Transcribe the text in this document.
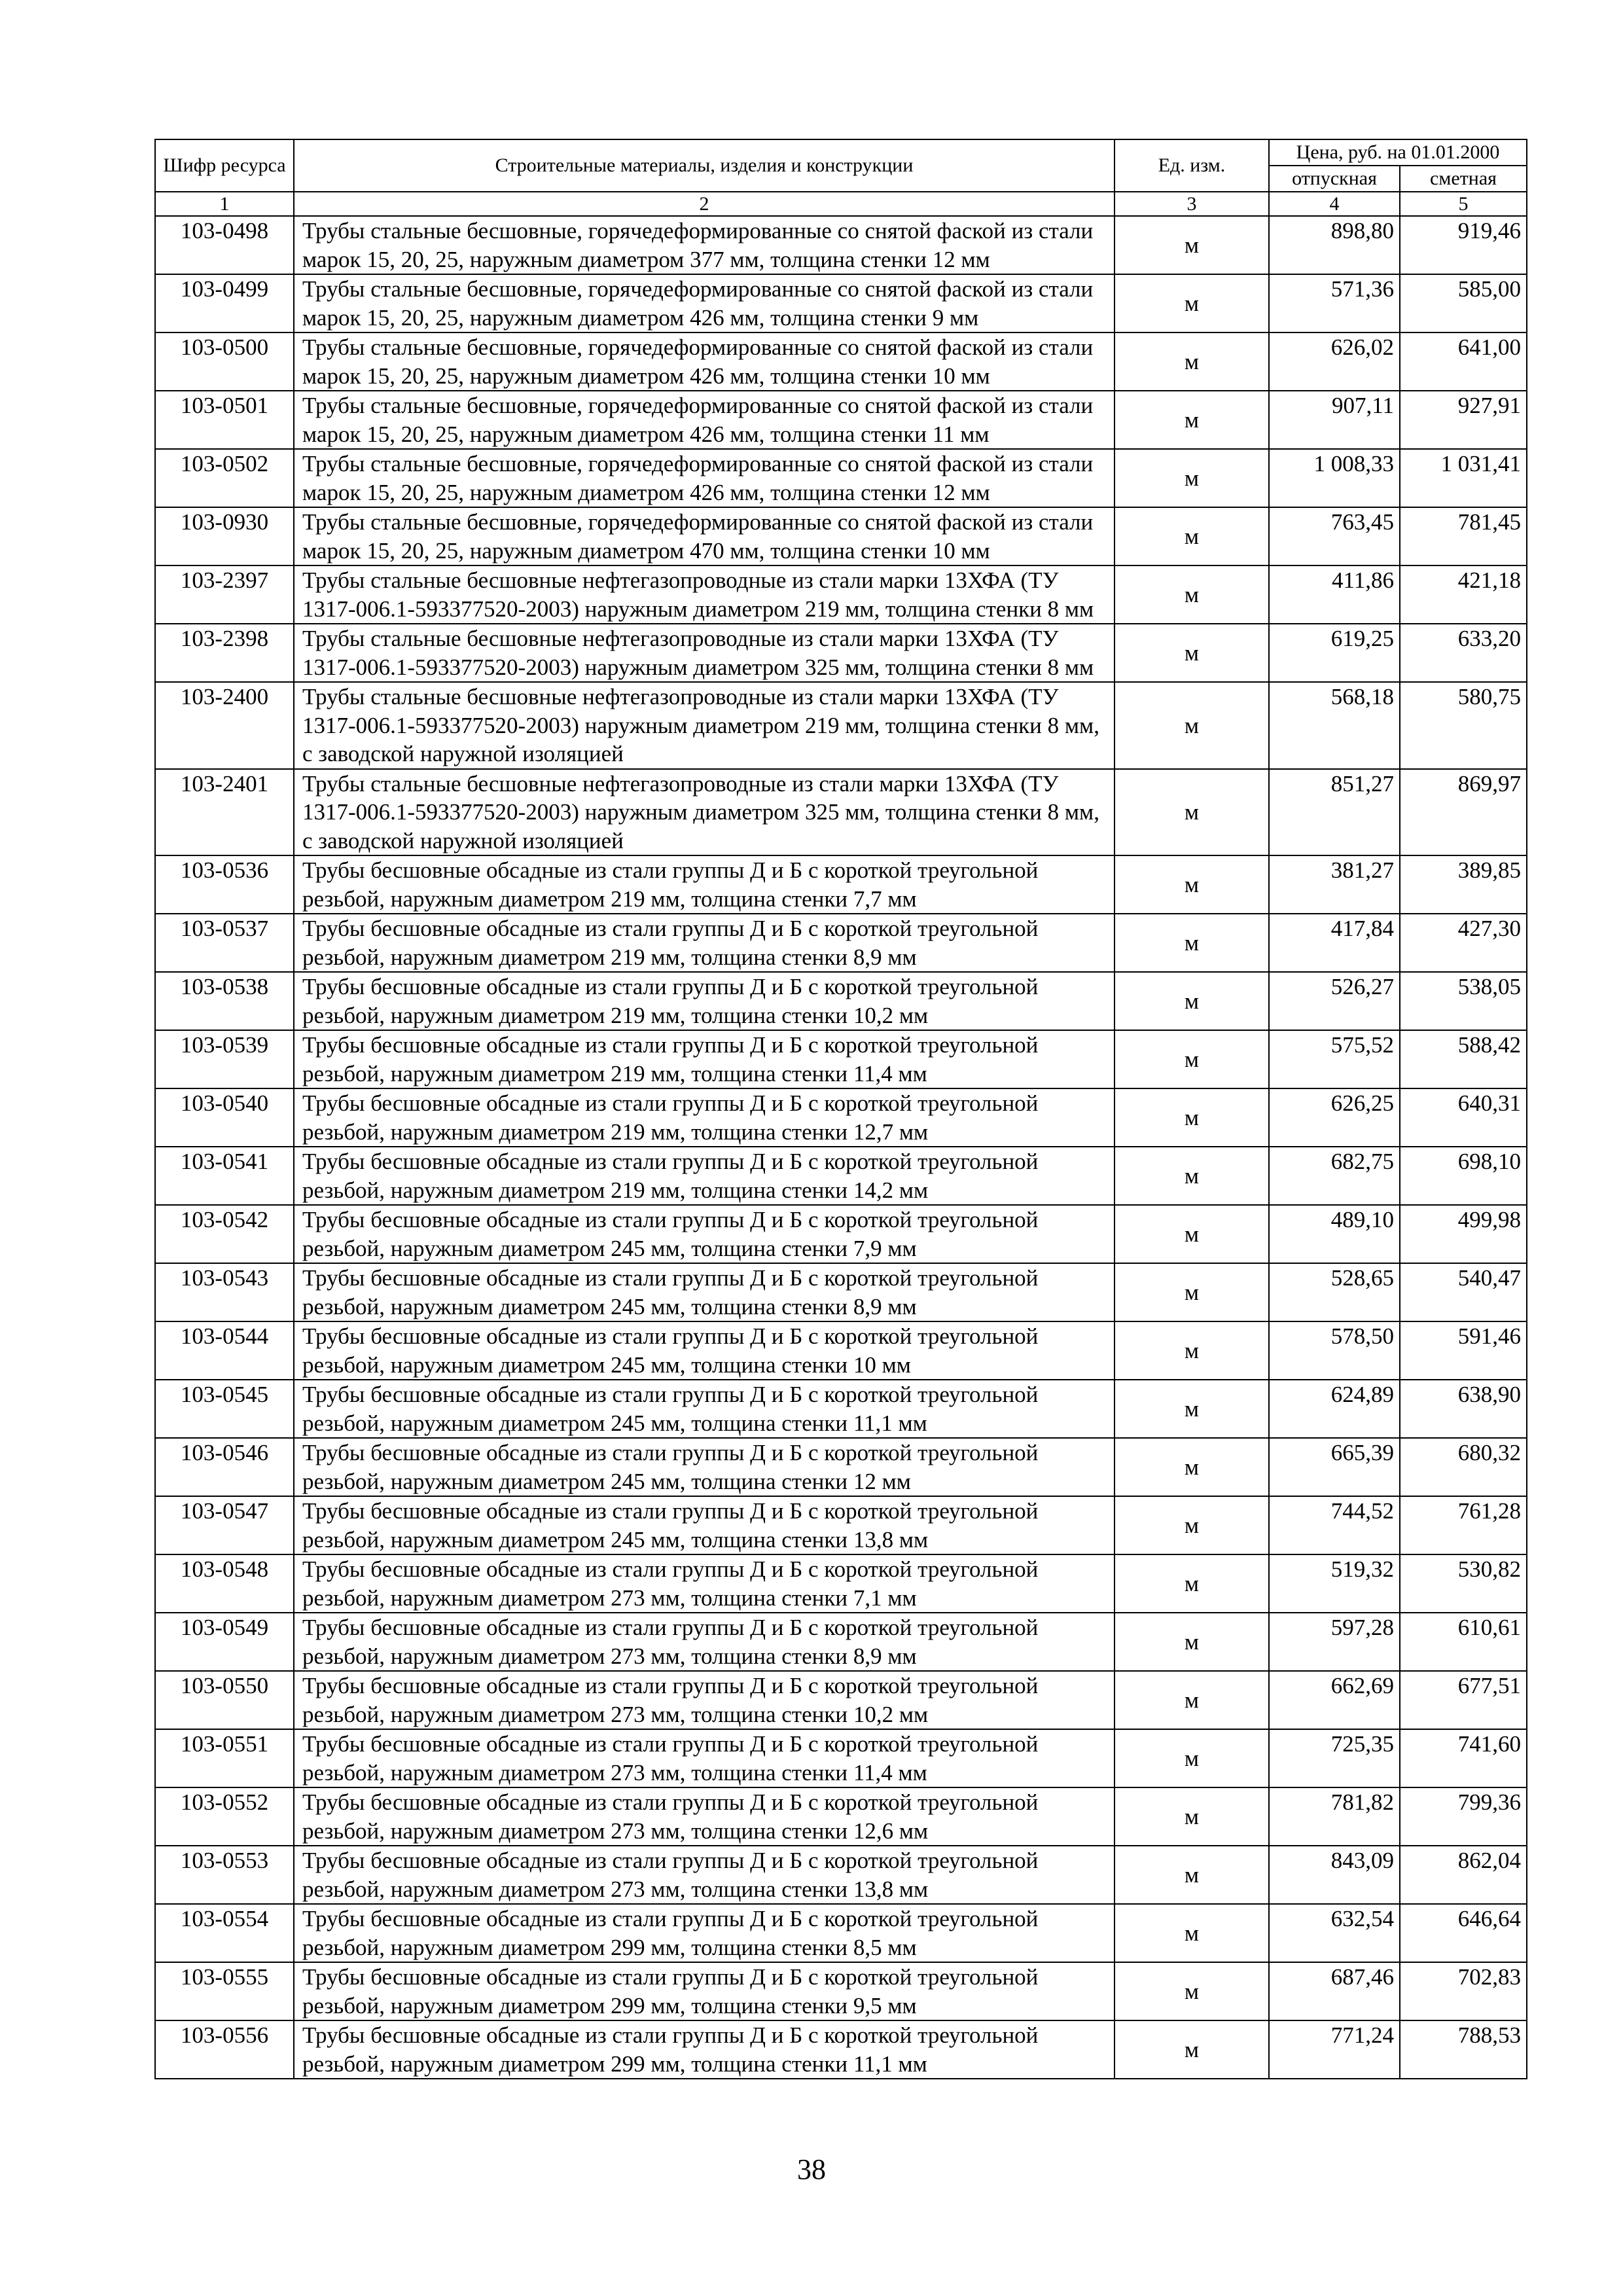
Шифр ресурса	Строительные материалы, изделия и конструкции	Ед. изм.	Цена, руб. на 01.01.2000	
			отпускная	сметная
1	2	3	4	5
103-0498	Трубы стальные бесшовные, горячедеформированные со снятой фаской из стали марок 15, 20, 25, наружным диаметром 377 мм, толщина стенки 12 мм	м	898,80	919,46
103-0499	Трубы стальные бесшовные, горячедеформированные со снятой фаской из стали марок 15, 20, 25, наружным диаметром 426 мм, толщина стенки 9 мм	м	571,36	585,00
103-0500	Трубы стальные бесшовные, горячедеформированные со снятой фаской из стали марок 15, 20, 25, наружным диаметром 426 мм, толщина стенки 10 мм	м	626,02	641,00
103-0501	Трубы стальные бесшовные, горячедеформированные со снятой фаской из стали марок 15, 20, 25, наружным диаметром 426 мм, толщина стенки 11 мм	м	907,11	927,91
103-0502	Трубы стальные бесшовные, горячедеформированные со снятой фаской из стали марок 15, 20, 25, наружным диаметром 426 мм, толщина стенки 12 мм	м	1 008,33	1 031,41
103-0930	Трубы стальные бесшовные, горячедеформированные со снятой фаской из стали марок 15, 20, 25, наружным диаметром 470 мм, толщина стенки 10 мм	м	763,45	781,45
103-2397	Трубы стальные бесшовные нефтегазопроводные из стали марки 13ХФА (ТУ 1317-006.1-593377520-2003) наружным диаметром 219 мм, толщина стенки 8 мм	м	411,86	421,18
103-2398	Трубы стальные бесшовные нефтегазопроводные из стали марки 13ХФА (ТУ 1317-006.1-593377520-2003) наружным диаметром 325 мм, толщина стенки 8 мм	м	619,25	633,20
103-2400	Трубы стальные бесшовные нефтегазопроводные из стали марки 13ХФА (ТУ 1317-006.1-593377520-2003) наружным диаметром 219 мм, толщина стенки 8 мм, с заводской наружной изоляцией	м	568,18	580,75
103-2401	Трубы стальные бесшовные нефтегазопроводные из стали марки 13ХФА (ТУ 1317-006.1-593377520-2003) наружным диаметром 325 мм, толщина стенки 8 мм, с заводской наружной изоляцией	м	851,27	869,97
103-0536	Трубы бесшовные обсадные из стали группы Д и Б с короткой треугольной резьбой, наружным диаметром 219 мм, толщина стенки 7,7 мм	м	381,27	389,85
103-0537	Трубы бесшовные обсадные из стали группы Д и Б с короткой треугольной резьбой, наружным диаметром 219 мм, толщина стенки 8,9 мм	м	417,84	427,30
103-0538	Трубы бесшовные обсадные из стали группы Д и Б с короткой треугольной резьбой, наружным диаметром 219 мм, толщина стенки 10,2 мм	м	526,27	538,05
103-0539	Трубы бесшовные обсадные из стали группы Д и Б с короткой треугольной резьбой, наружным диаметром 219 мм, толщина стенки 11,4 мм	м	575,52	588,42
103-0540	Трубы бесшовные обсадные из стали группы Д и Б с короткой треугольной резьбой, наружным диаметром 219 мм, толщина стенки 12,7 мм	м	626,25	640,31
103-0541	Трубы бесшовные обсадные из стали группы Д и Б с короткой треугольной резьбой, наружным диаметром 219 мм, толщина стенки 14,2 мм	м	682,75	698,10
103-0542	Трубы бесшовные обсадные из стали группы Д и Б с короткой треугольной резьбой, наружным диаметром 245 мм, толщина стенки 7,9 мм	м	489,10	499,98
103-0543	Трубы бесшовные обсадные из стали группы Д и Б с короткой треугольной резьбой, наружным диаметром 245 мм, толщина стенки 8,9 мм	м	528,65	540,47
103-0544	Трубы бесшовные обсадные из стали группы Д и Б с короткой треугольной резьбой, наружным диаметром 245 мм, толщина стенки 10 мм	м	578,50	591,46
103-0545	Трубы бесшовные обсадные из стали группы Д и Б с короткой треугольной резьбой, наружным диаметром 245 мм, толщина стенки 11,1 мм	м	624,89	638,90
103-0546	Трубы бесшовные обсадные из стали группы Д и Б с короткой треугольной резьбой, наружным диаметром 245 мм, толщина стенки 12 мм	м	665,39	680,32
103-0547	Трубы бесшовные обсадные из стали группы Д и Б с короткой треугольной резьбой, наружным диаметром 245 мм, толщина стенки 13,8 мм	м	744,52	761,28
103-0548	Трубы бесшовные обсадные из стали группы Д и Б с короткой треугольной резьбой, наружным диаметром 273 мм, толщина стенки 7,1 мм	м	519,32	530,82
103-0549	Трубы бесшовные обсадные из стали группы Д и Б с короткой треугольной резьбой, наружным диаметром 273 мм, толщина стенки 8,9 мм	м	597,28	610,61
103-0550	Трубы бесшовные обсадные из стали группы Д и Б с короткой треугольной резьбой, наружным диаметром 273 мм, толщина стенки 10,2 мм	м	662,69	677,51
103-0551	Трубы бесшовные обсадные из стали группы Д и Б с короткой треугольной резьбой, наружным диаметром 273 мм, толщина стенки 11,4 мм	м	725,35	741,60
103-0552	Трубы бесшовные обсадные из стали группы Д и Б с короткой треугольной резьбой, наружным диаметром 273 мм, толщина стенки 12,6 мм	м	781,82	799,36
103-0553	Трубы бесшовные обсадные из стали группы Д и Б с короткой треугольной резьбой, наружным диаметром 273 мм, толщина стенки 13,8 мм	м	843,09	862,04
103-0554	Трубы бесшовные обсадные из стали группы Д и Б с короткой треугольной резьбой, наружным диаметром 299 мм, толщина стенки 8,5 мм	м	632,54	646,64
103-0555	Трубы бесшовные обсадные из стали группы Д и Б с короткой треугольной резьбой, наружным диаметром 299 мм, толщина стенки 9,5 мм	м	687,46	702,83
103-0556	Трубы бесшовные обсадные из стали группы Д и Б с короткой треугольной резьбой, наружным диаметром 299 мм, толщина стенки 11,1 мм	м	771,24	788,53
38
